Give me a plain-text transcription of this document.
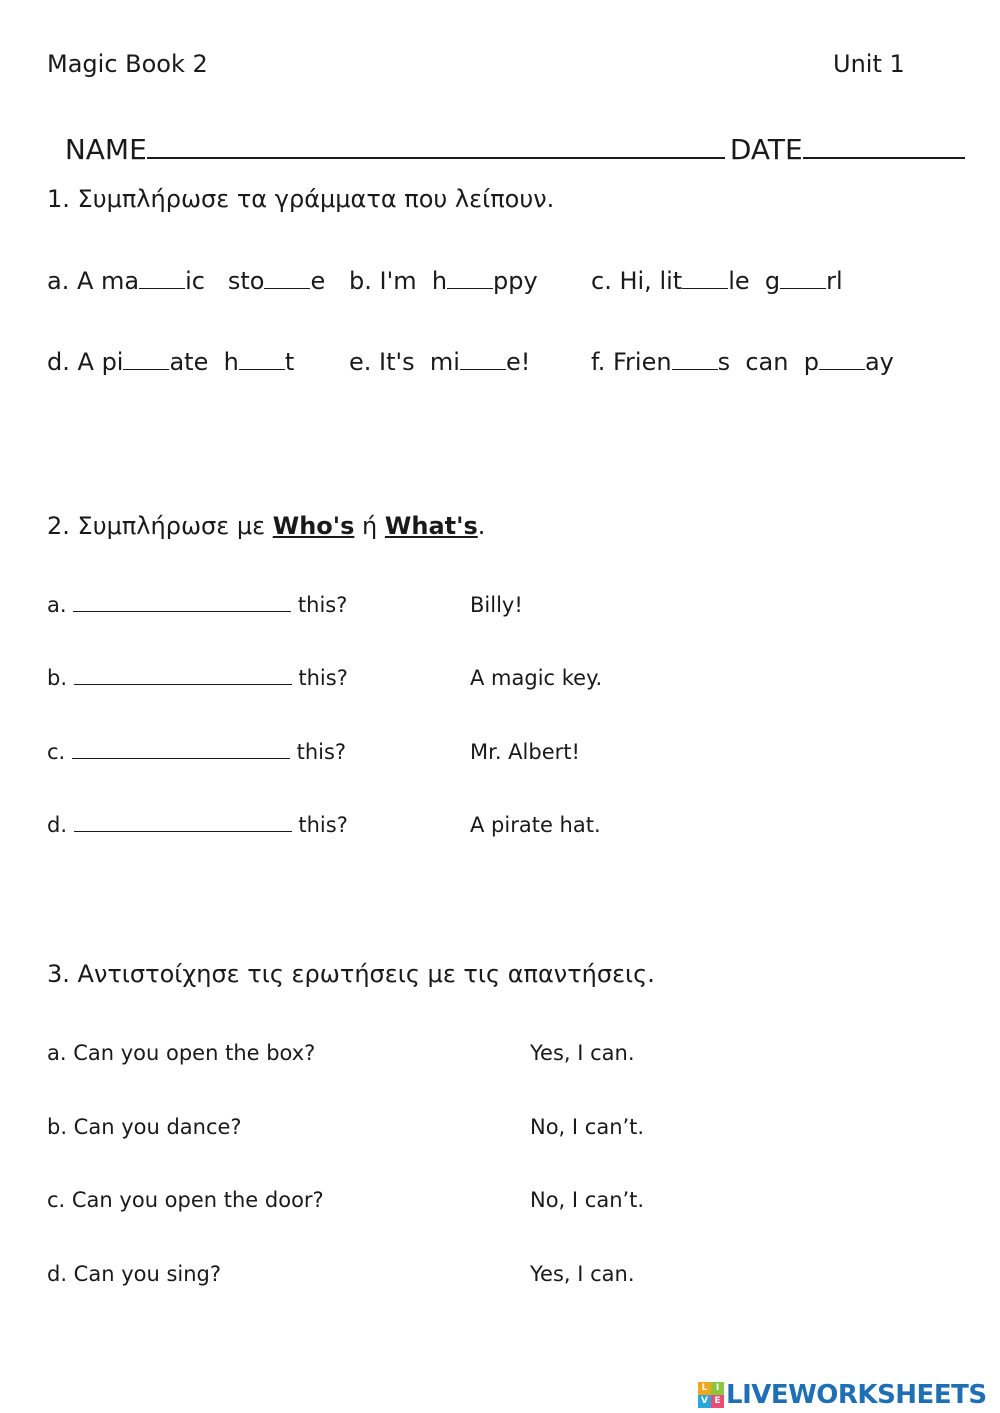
Magic Book 2	Unit 1

NAME	DATE

1. Συμπλήρωσε τα γράμματα που λείπουν.
a. A ma ic   sto e b. I'm  h ppy c. Hi, lit le  g rl
d. A pi ate  h t e. It's  mi e!	f. Frien s  can  p ay
2. Συμπλήρωσε με Who's ή What's.
a.	this?	Billy!
b.	this?	A magic key.
c.	this?	Mr. Albert!
d.	this?	A pirate hat.
3. Αντιστοίχησε τις ερωτήσεις με τις απαντήσεις.
a. Can you open the box?	Yes, I can.
b. Can you dance?	No, I can’t.
c. Can you open the door?	No, I can’t.
d. Can you sing?	Yes, I can.
L I
V E LIVEWORKSHEETS
